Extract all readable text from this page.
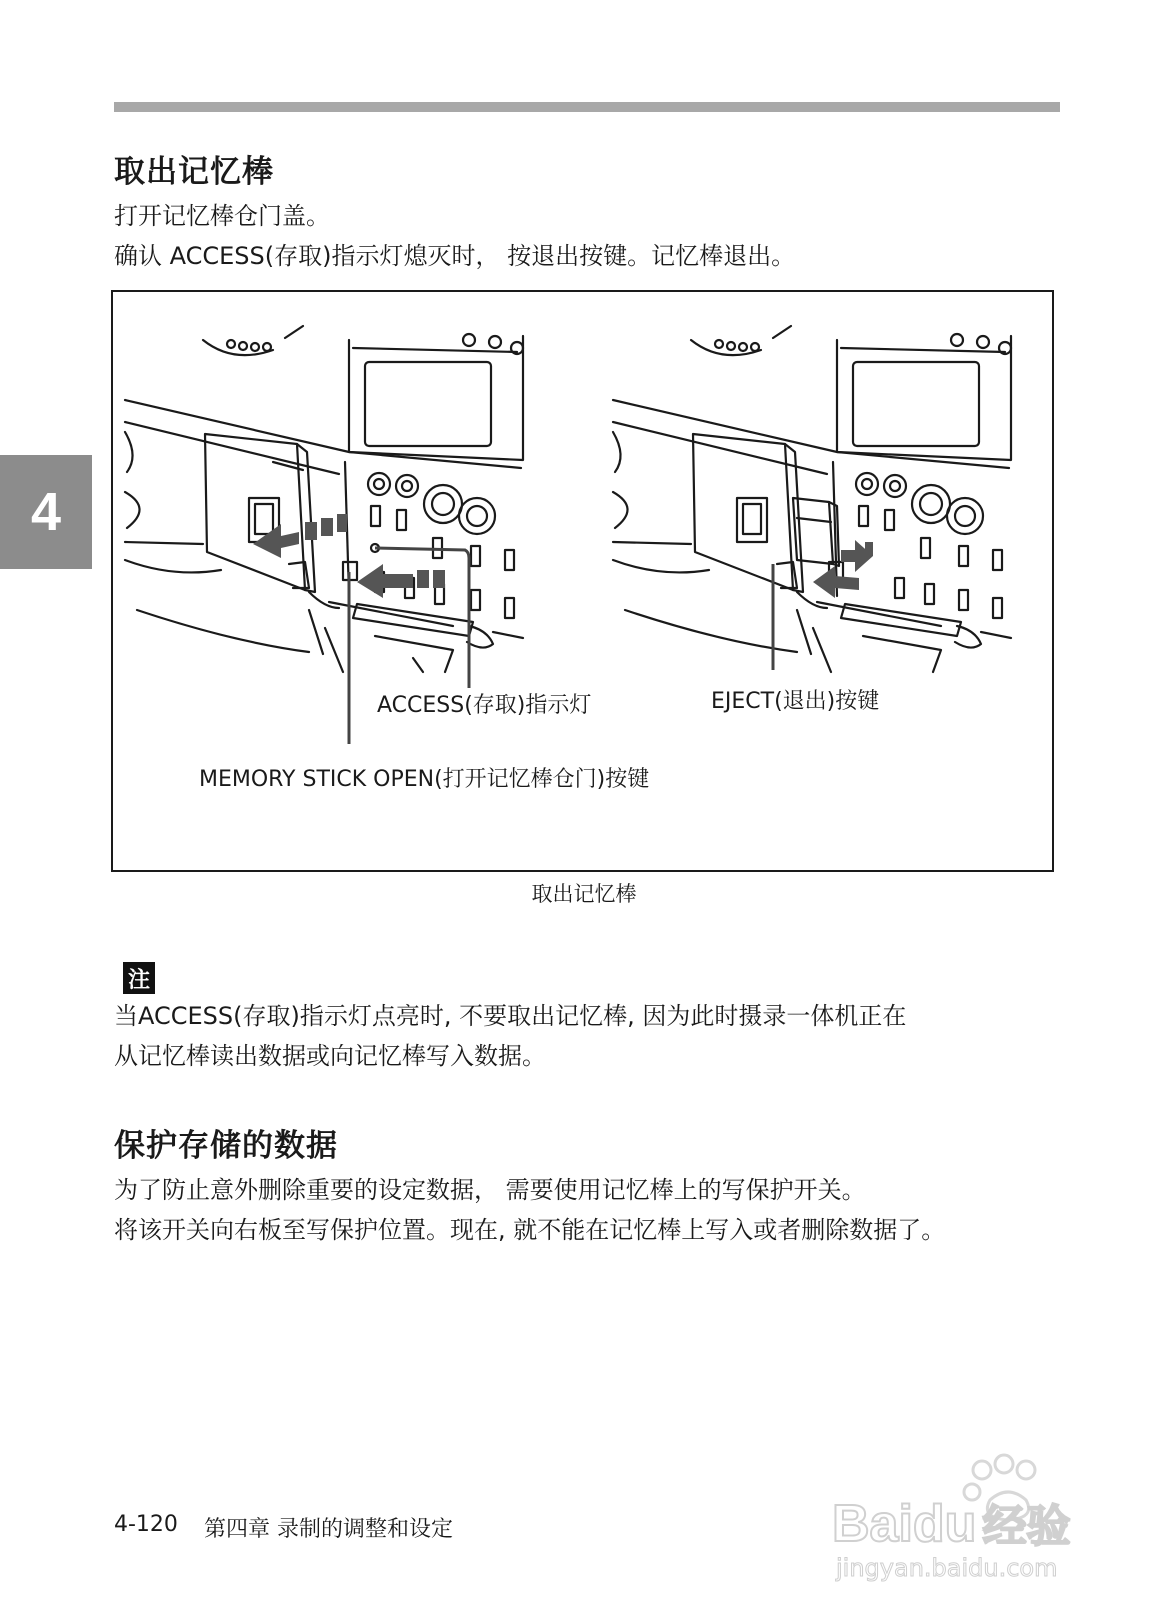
4
取出记忆棒
打开记忆棒仓门盖。
确认 ACCESS(存取)指示灯熄灭时， 按退出按键。记忆棒退出。
ACCESS(存取)指示灯	EJECT(退出)按键
MEMORY STICK OPEN(打开记忆棒仓门)按键
取出记忆棒
注
当ACCESS(存取)指示灯点亮时, 不要取出记忆棒, 因为此时摄录一体机正在
从记忆棒读出数据或向记忆棒写入数据。
保护存储的数据
为了防止意外删除重要的设定数据， 需要使用记忆棒上的写保护开关。
将该开关向右板至写保护位置。现在, 就不能在记忆棒上写入或者删除数据了。
4-120 第四章 录制的调整和设定	Baidu 经验
jingyan.baidu.com
